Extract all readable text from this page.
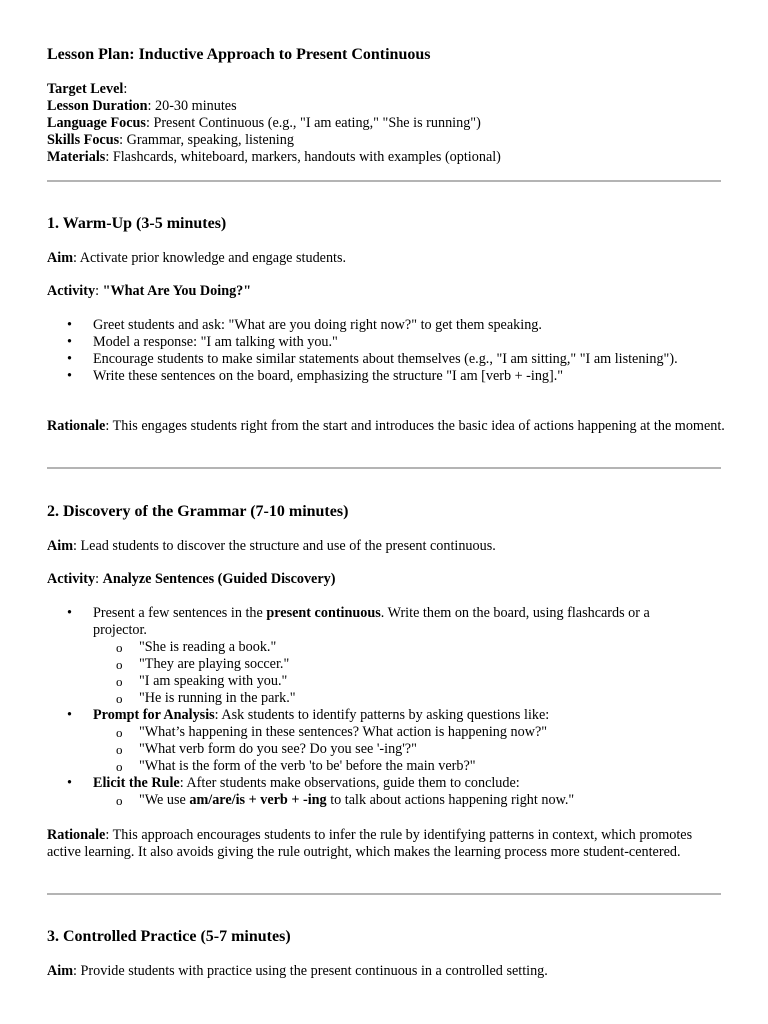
Lesson Plan: Inductive Approach to Present Continuous
Target Level:
Lesson Duration: 20-30 minutes
Language Focus: Present Continuous (e.g., "I am eating," "She is running")
Skills Focus: Grammar, speaking, listening
Materials: Flashcards, whiteboard, markers, handouts with examples (optional)
1. Warm-Up (3-5 minutes)

Aim: Activate prior knowledge and engage students.

Activity: "What Are You Doing?"

• Greet students and ask: "What are you doing right now?" to get them speaking.
• Model a response: "I am talking with you."
• Encourage students to make similar statements about themselves (e.g., "I am sitting," "I am listening").
• Write these sentences on the board, emphasizing the structure "I am [verb + -ing]."

Rationale: This engages students right from the start and introduces the basic idea of actions happening at the moment.

2. Discovery of the Grammar (7-10 minutes)

Aim: Lead students to discover the structure and use of the present continuous.

Activity: Analyze Sentences (Guided Discovery)

• Present a few sentences in the present continuous. Write them on the board, using flashcards or a projector.
o "She is reading a book."
o "They are playing soccer."
o "I am speaking with you."
o "He is running in the park."
• Prompt for Analysis: Ask students to identify patterns by asking questions like:
o "What’s happening in these sentences? What action is happening now?"
o "What verb form do you see? Do you see '-ing'?"
o "What is the form of the verb 'to be' before the main verb?"
• Elicit the Rule: After students make observations, guide them to conclude:
o "We use am/are/is + verb + -ing to talk about actions happening right now."

Rationale: This approach encourages students to infer the rule by identifying patterns in context, which promotes active learning. It also avoids giving the rule outright, which makes the learning process more student-centered.

3. Controlled Practice (5-7 minutes)

Aim: Provide students with practice using the present continuous in a controlled setting.
